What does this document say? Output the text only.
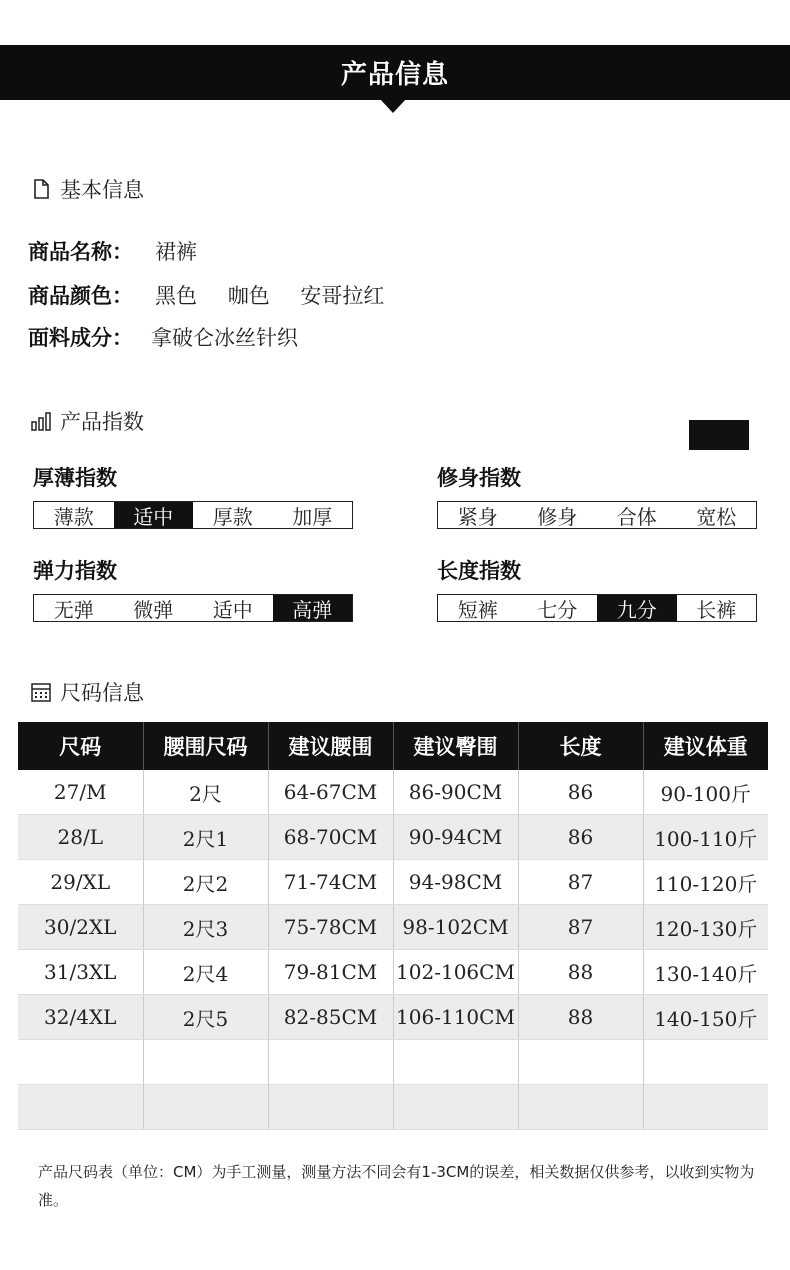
产品信息
基本信息
商品名称： 裙裤
商品颜色： 黑色 咖色 安哥拉红
面料成分： 拿破仑冰丝针织
产品指数
厚薄指数
薄款	适中	厚款	加厚
修身指数
紧身	修身	合体	宽松
弹力指数
无弹	微弹	适中	高弹
长度指数
短裤	七分	九分	长裤
尺码信息
尺码	腰围尺码	建议腰围	建议臀围	长度	建议体重
27/M	2尺	64-67CM	86-90CM	86	90-100斤
28/L	2尺1	68-70CM	90-94CM	86	100-110斤
29/XL	2尺2	71-74CM	94-98CM	87	110-120斤
30/2XL	2尺3	75-78CM	98-102CM	87	120-130斤
31/3XL	2尺4	79-81CM	102-106CM	88	130-140斤
32/4XL	2尺5	82-85CM	106-110CM	88	140-150斤

产品尺码表（单位：CM）为手工测量，测量方法不同会有1-3CM的误差，相关数据仅供参考，以收到实物为准。
